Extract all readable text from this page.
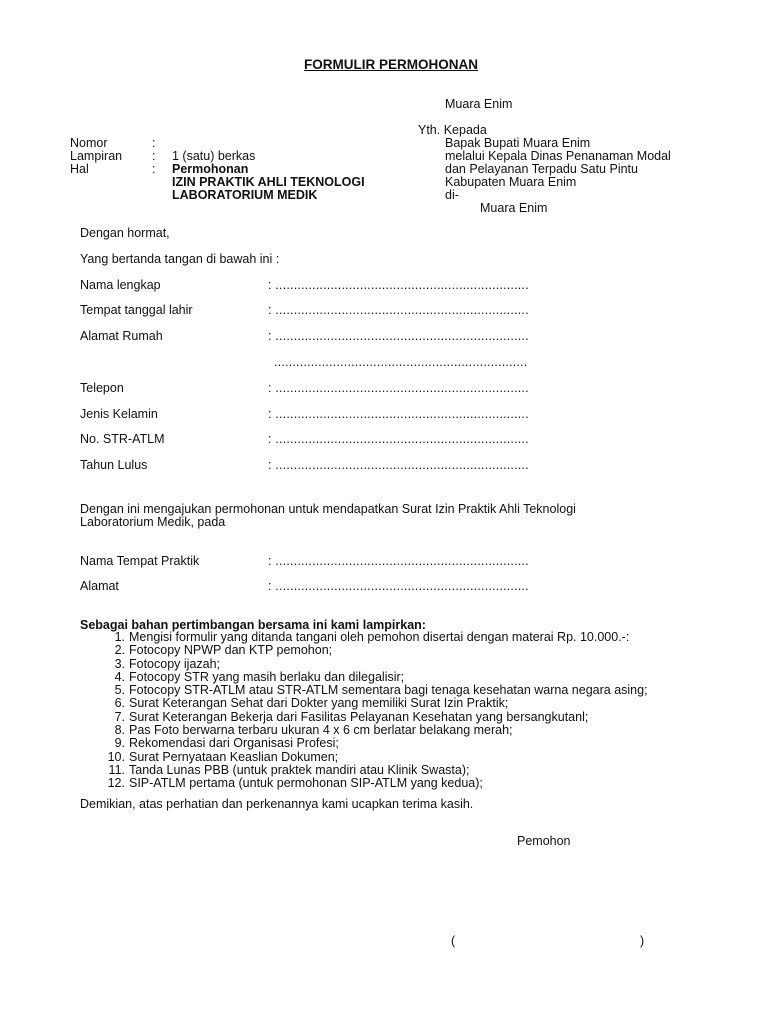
FORMULIR PERMOHONAN
Muara Enim
Yth. Kepada
Bapak Bupati Muara Enim
melalui Kepala Dinas Penanaman Modal
dan Pelayanan Terpadu Satu Pintu
Kabupaten Muara Enim
di-
Muara Enim
Nomor	:
Lampiran : 1 (satu) berkas
Hal	: Permohonan
IZIN PRAKTIK AHLI TEKNOLOGI
LABORATORIUM MEDIK
Dengan hormat,
Yang bertanda tangan di bawah ini :
Nama lengkap	: .....................................................................
Tempat tanggal lahir	: .....................................................................
Alamat Rumah	: .....................................................................
.....................................................................
Telepon	: .....................................................................
Jenis Kelamin	: .....................................................................
No. STR-ATLM	: .....................................................................
Tahun Lulus	: .....................................................................
Dengan ini mengajukan permohonan untuk mendapatkan Surat Izin Praktik Ahli Teknologi
Laboratorium Medik, pada
Nama Tempat Praktik	: .....................................................................
Alamat	: .....................................................................
Sebagai bahan pertimbangan bersama ini kami lampirkan:
1. Mengisi formulir yang ditanda tangani oleh pemohon disertai dengan materai Rp. 10.000.-:
2. Fotocopy NPWP dan KTP pemohon;
3. Fotocopy ijazah;
4. Fotocopy STR yang masih berlaku dan dilegalisir;
5. Fotocopy STR-ATLM atau STR-ATLM sementara bagi tenaga kesehatan warna negara asing;
6. Surat Keterangan Sehat dari Dokter yang memiliki Surat Izin Praktik;
7. Surat Keterangan Bekerja dari Fasilitas Pelayanan Kesehatan yang bersangkutanl;
8. Pas Foto berwarna terbaru ukuran 4 x 6 cm berlatar belakang merah;
9. Rekomendasi dari Organisasi Profesi;
10. Surat Pernyataan Keaslian Dokumen;
11. Tanda Lunas PBB (untuk praktek mandiri atau Klinik Swasta);
12. SIP-ATLM pertama (untuk permohonan SIP-ATLM yang kedua);
Demikian, atas perhatian dan perkenannya kami ucapkan terima kasih.
Pemohon
(	)
